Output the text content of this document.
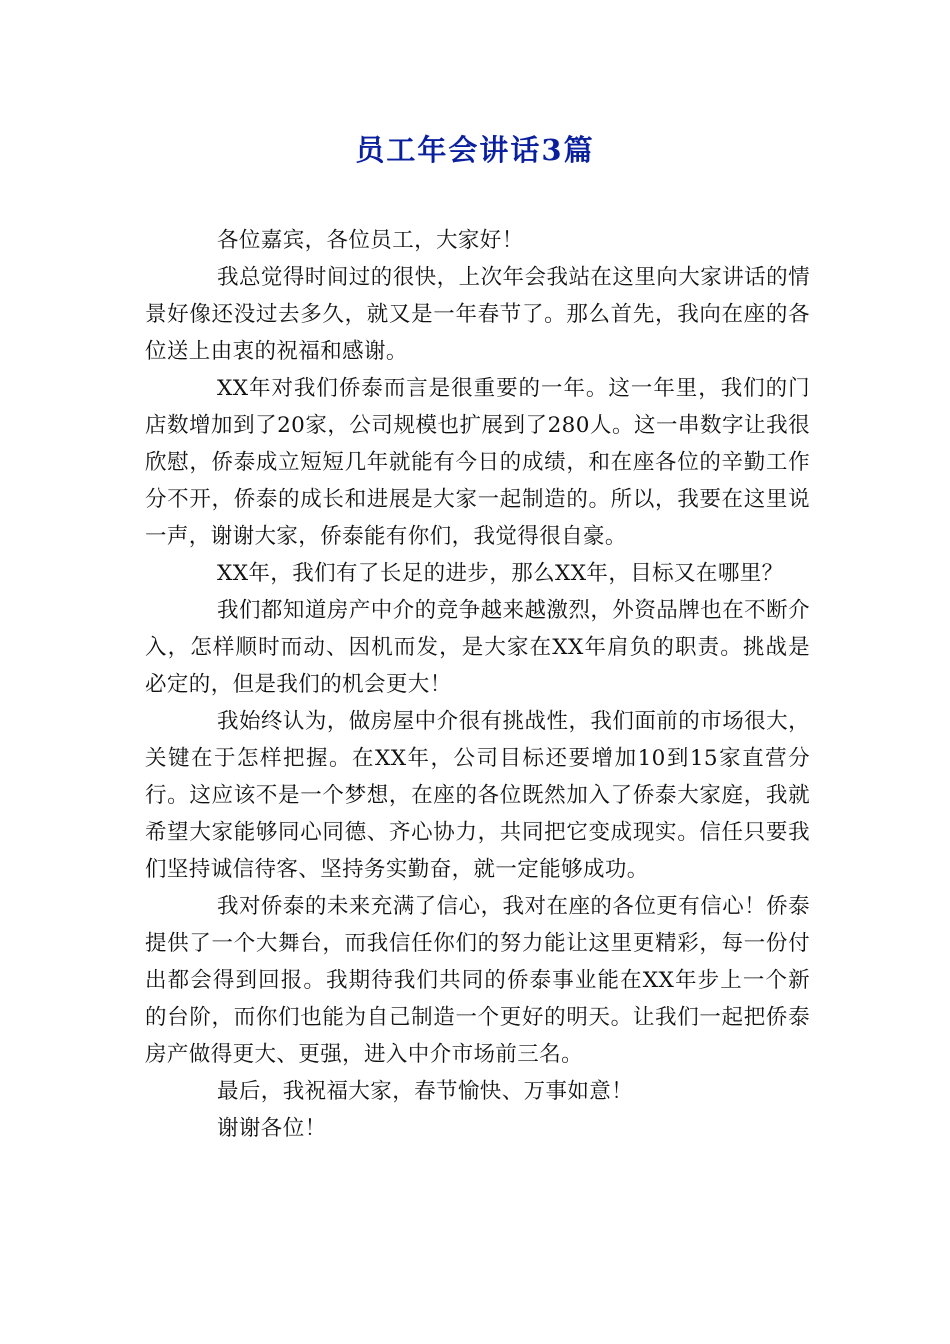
员工年会讲话3篇

各位嘉宾，各位员工，大家好！

我总觉得时间过的很快，上次年会我站在这里向大家讲话的情景好像还没过去多久，就又是一年春节了。那么首先，我向在座的各位送上由衷的祝福和感谢。

XX年对我们侨泰而言是很重要的一年。这一年里，我们的门店数增加到了20家，公司规模也扩展到了280人。这一串数字让我很欣慰，侨泰成立短短几年就能有今日的成绩，和在座各位的辛勤工作分不开，侨泰的成长和进展是大家一起制造的。所以，我要在这里说一声，谢谢大家，侨泰能有你们，我觉得很自豪。

XX年，我们有了长足的进步，那么XX年，目标又在哪里？

我们都知道房产中介的竞争越来越激烈，外资品牌也在不断介入，怎样顺时而动、因机而发，是大家在XX年肩负的职责。挑战是必定的，但是我们的机会更大！

我始终认为，做房屋中介很有挑战性，我们面前的市场很大，关键在于怎样把握。在XX年，公司目标还要增加10到15家直营分行。这应该不是一个梦想，在座的各位既然加入了侨泰大家庭，我就希望大家能够同心同德、齐心协力，共同把它变成现实。信任只要我们坚持诚信待客、坚持务实勤奋，就一定能够成功。

我对侨泰的未来充满了信心，我对在座的各位更有信心！侨泰提供了一个大舞台，而我信任你们的努力能让这里更精彩，每一份付出都会得到回报。我期待我们共同的侨泰事业能在XX年步上一个新的台阶，而你们也能为自己制造一个更好的明天。让我们一起把侨泰房产做得更大、更强，进入中介市场前三名。

最后，我祝福大家，春节愉快、万事如意！

谢谢各位！
